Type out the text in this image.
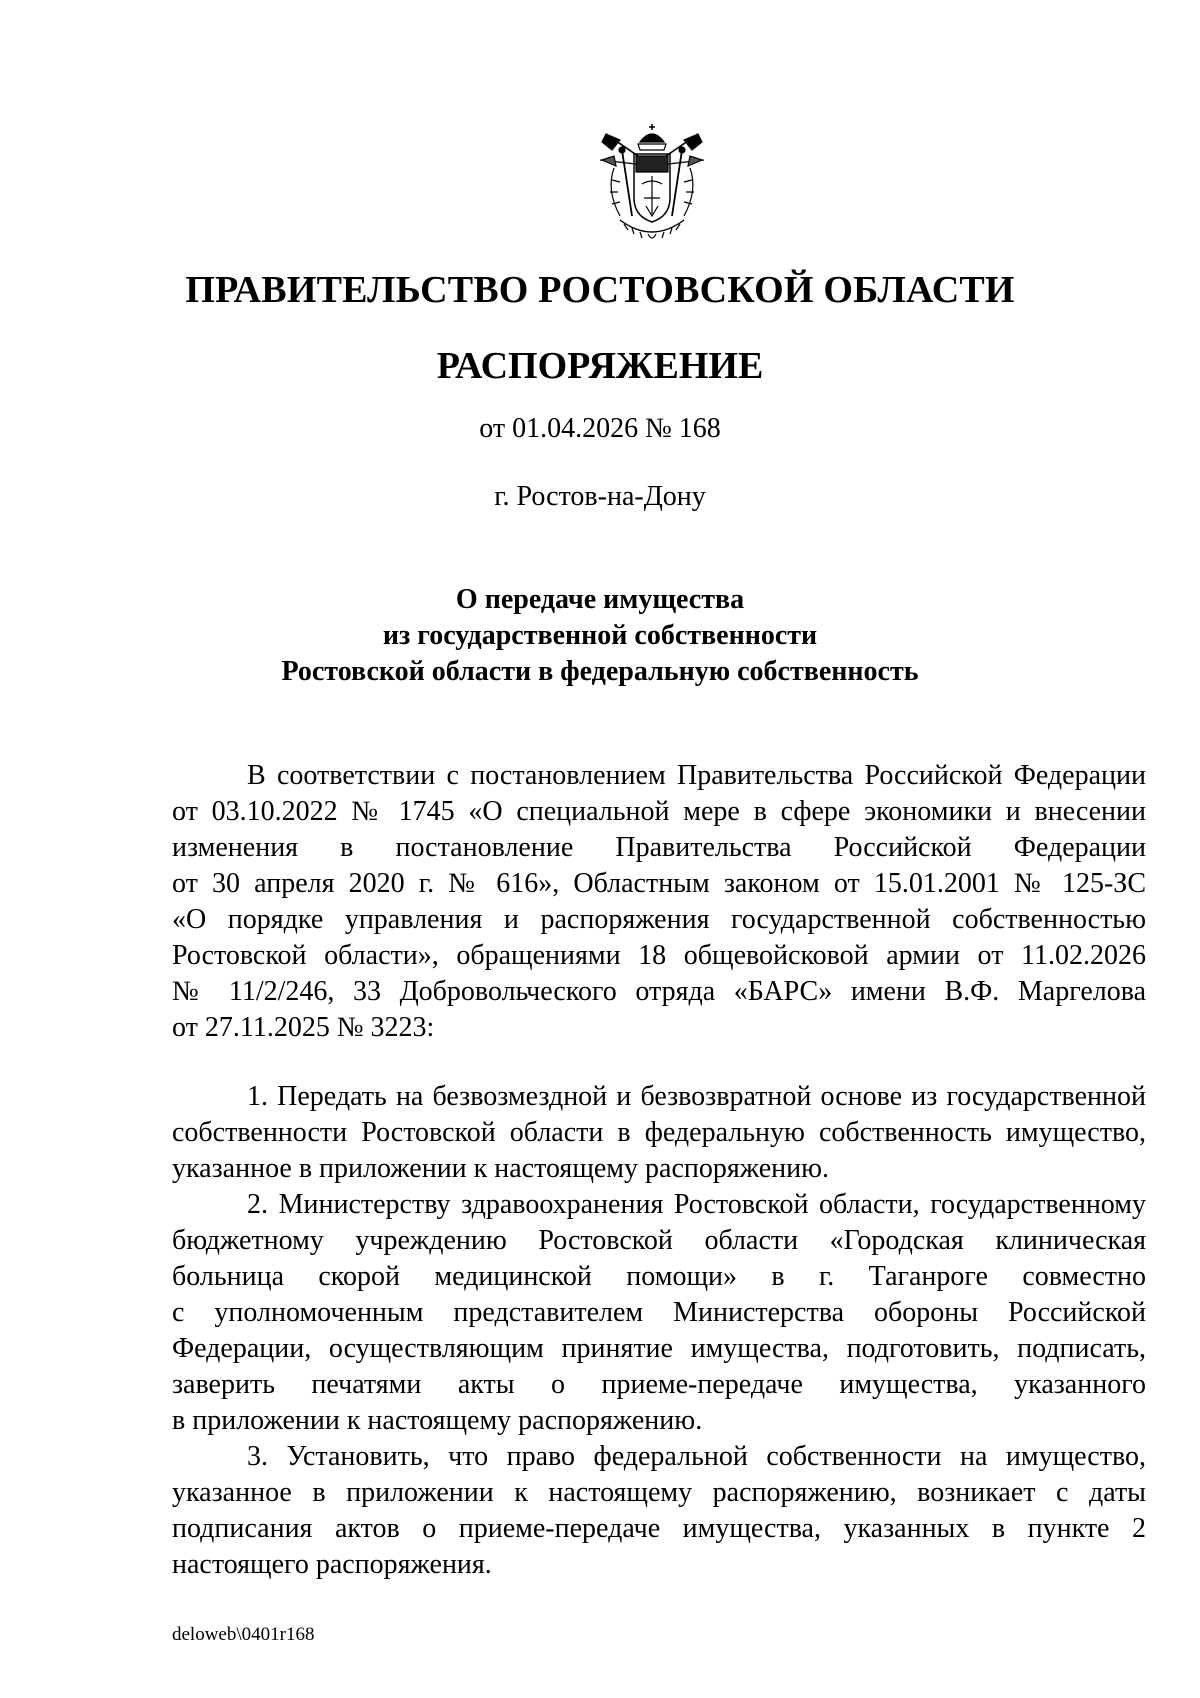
ПРАВИТЕЛЬСТВО РОСТОВСКОЙ ОБЛАСТИ
РАСПОРЯЖЕНИЕ
от 01.04.2026 № 168
г. Ростов-на-Дону
О передаче имущества
из государственной собственности
Ростовской области в федеральную собственность
В соответствии с постановлением Правительства Российской Федерации
от 03.10.2022 № 1745 «О специальной мере в сфере экономики и внесении
изменения в постановление Правительства Российской Федерации
от 30 апреля 2020 г. № 616», Областным законом от 15.01.2001 № 125-ЗС
«О порядке управления и распоряжения государственной собственностью
Ростовской области», обращениями 18 общевойсковой армии от 11.02.2026
№ 11/2/246, 33 Добровольческого отряда «БАРС» имени В.Ф. Маргелова
от 27.11.2025 № 3223:
1. Передать на безвозмездной и безвозвратной основе из государственной
собственности Ростовской области в федеральную собственность имущество,
указанное в приложении к настоящему распоряжению.
2. Министерству здравоохранения Ростовской области, государственному
бюджетному учреждению Ростовской области «Городская клиническая
больница скорой медицинской помощи» в г. Таганроге совместно
с уполномоченным представителем Министерства обороны Российской
Федерации, осуществляющим принятие имущества, подготовить, подписать,
заверить печатями акты о приеме-передаче имущества, указанного
в приложении к настоящему распоряжению.
3. Установить, что право федеральной собственности на имущество,
указанное в приложении к настоящему распоряжению, возникает с даты
подписания актов о приеме-передаче имущества, указанных в пункте 2
настоящего распоряжения.
deloweb\0401r168
